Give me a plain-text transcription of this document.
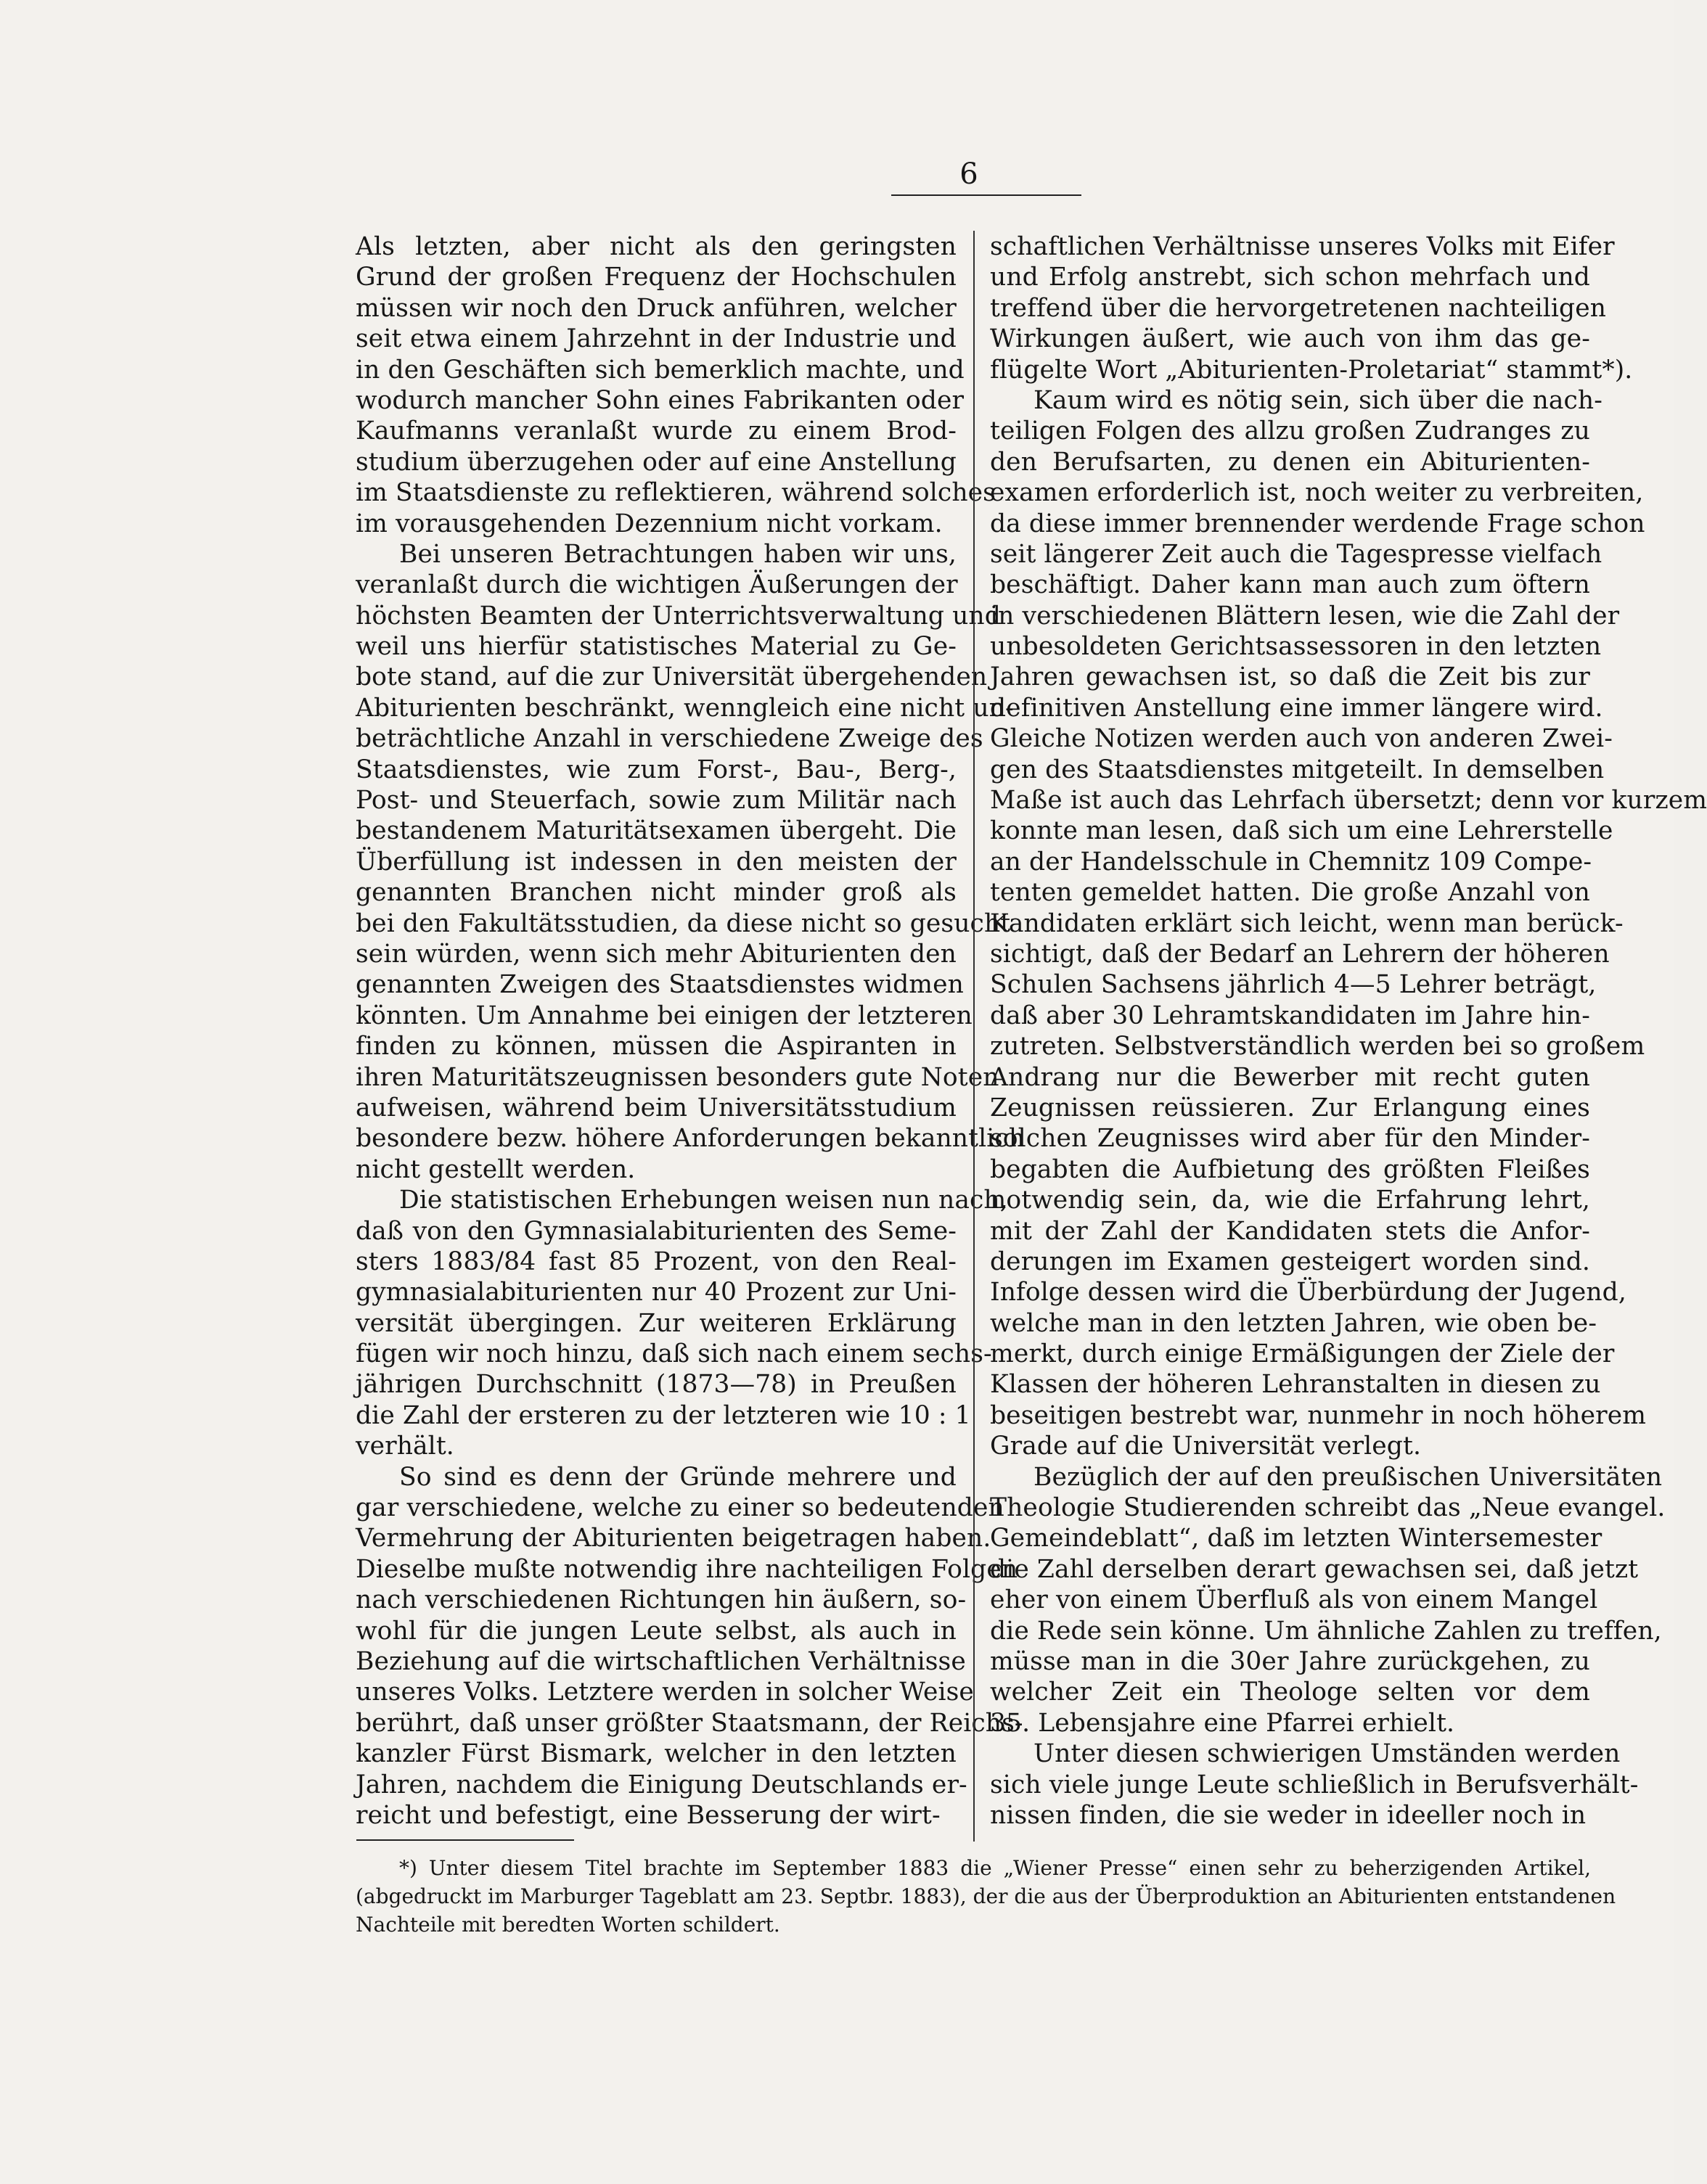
6
Als letzten, aber nicht als den geringsten
Grund der großen Frequenz der Hochschulen
müssen wir noch den Druck anführen, welcher
seit etwa einem Jahrzehnt in der Industrie und
in den Geschäften sich bemerklich machte, und
wodurch mancher Sohn eines Fabrikanten oder
Kaufmanns veranlaßt wurde zu einem Brod-
studium überzugehen oder auf eine Anstellung
im Staatsdienste zu reflektieren, während solches
im vorausgehenden Dezennium nicht vorkam.
Bei unseren Betrachtungen haben wir uns,
veranlaßt durch die wichtigen Äußerungen der
höchsten Beamten der Unterrichtsverwaltung und
weil uns hierfür statistisches Material zu Ge-
bote stand, auf die zur Universität übergehenden
Abiturienten beschränkt, wenngleich eine nicht un-
beträchtliche Anzahl in verschiedene Zweige des
Staatsdienstes, wie zum Forst-, Bau-, Berg-,
Post- und Steuerfach, sowie zum Militär nach
bestandenem Maturitätsexamen übergeht. Die
Überfüllung ist indessen in den meisten der
genannten Branchen nicht minder groß als
bei den Fakultätsstudien, da diese nicht so gesucht
sein würden, wenn sich mehr Abiturienten den
genannten Zweigen des Staatsdienstes widmen
könnten. Um Annahme bei einigen der letzteren
finden zu können, müssen die Aspiranten in
ihren Maturitätszeugnissen besonders gute Noten
aufweisen, während beim Universitätsstudium
besondere bezw. höhere Anforderungen bekanntlich
nicht gestellt werden.
Die statistischen Erhebungen weisen nun nach,
daß von den Gymnasialabiturienten des Seme-
sters 1883/84 fast 85 Prozent, von den Real-
gymnasialabiturienten nur 40 Prozent zur Uni-
versität übergingen. Zur weiteren Erklärung
fügen wir noch hinzu, daß sich nach einem sechs-
jährigen Durchschnitt (1873—78) in Preußen
die Zahl der ersteren zu der letzteren wie 10 : 1
verhält.
So sind es denn der Gründe mehrere und
gar verschiedene, welche zu einer so bedeutenden
Vermehrung der Abiturienten beigetragen haben.
Dieselbe mußte notwendig ihre nachteiligen Folgen
nach verschiedenen Richtungen hin äußern, so-
wohl für die jungen Leute selbst, als auch in
Beziehung auf die wirtschaftlichen Verhältnisse
unseres Volks. Letztere werden in solcher Weise
berührt, daß unser größter Staatsmann, der Reichs-
kanzler Fürst Bismark, welcher in den letzten
Jahren, nachdem die Einigung Deutschlands er-
reicht und befestigt, eine Besserung der wirt-
schaftlichen Verhältnisse unseres Volks mit Eifer
und Erfolg anstrebt, sich schon mehrfach und
treffend über die hervorgetretenen nachteiligen
Wirkungen äußert, wie auch von ihm das ge-
flügelte Wort „Abiturienten-Proletariat“ stammt*).
Kaum wird es nötig sein, sich über die nach-
teiligen Folgen des allzu großen Zudranges zu
den Berufsarten, zu denen ein Abiturienten-
examen erforderlich ist, noch weiter zu verbreiten,
da diese immer brennender werdende Frage schon
seit längerer Zeit auch die Tagespresse vielfach
beschäftigt. Daher kann man auch zum öftern
in verschiedenen Blättern lesen, wie die Zahl der
unbesoldeten Gerichtsassessoren in den letzten
Jahren gewachsen ist, so daß die Zeit bis zur
definitiven Anstellung eine immer längere wird.
Gleiche Notizen werden auch von anderen Zwei-
gen des Staatsdienstes mitgeteilt. In demselben
Maße ist auch das Lehrfach übersetzt; denn vor kurzem
konnte man lesen, daß sich um eine Lehrerstelle
an der Handelsschule in Chemnitz 109 Compe-
tenten gemeldet hatten. Die große Anzahl von
Kandidaten erklärt sich leicht, wenn man berück-
sichtigt, daß der Bedarf an Lehrern der höheren
Schulen Sachsens jährlich 4—5 Lehrer beträgt,
daß aber 30 Lehramtskandidaten im Jahre hin-
zutreten. Selbstverständlich werden bei so großem
Andrang nur die Bewerber mit recht guten
Zeugnissen reüssieren. Zur Erlangung eines
solchen Zeugnisses wird aber für den Minder-
begabten die Aufbietung des größten Fleißes
notwendig sein, da, wie die Erfahrung lehrt,
mit der Zahl der Kandidaten stets die Anfor-
derungen im Examen gesteigert worden sind.
Infolge dessen wird die Überbürdung der Jugend,
welche man in den letzten Jahren, wie oben be-
merkt, durch einige Ermäßigungen der Ziele der
Klassen der höheren Lehranstalten in diesen zu
beseitigen bestrebt war, nunmehr in noch höherem
Grade auf die Universität verlegt.
Bezüglich der auf den preußischen Universitäten
Theologie Studierenden schreibt das „Neue evangel.
Gemeindeblatt“, daß im letzten Wintersemester
die Zahl derselben derart gewachsen sei, daß jetzt
eher von einem Überfluß als von einem Mangel
die Rede sein könne. Um ähnliche Zahlen zu treffen,
müsse man in die 30er Jahre zurückgehen, zu
welcher Zeit ein Theologe selten vor dem
35. Lebensjahre eine Pfarrei erhielt.
Unter diesen schwierigen Umständen werden
sich viele junge Leute schließlich in Berufsverhält-
nissen finden, die sie weder in ideeller noch in
*) Unter diesem Titel brachte im September 1883 die „Wiener Presse“ einen sehr zu beherzigenden Artikel,
(abgedruckt im Marburger Tageblatt am 23. Septbr. 1883), der die aus der Überproduktion an Abiturienten entstandenen
Nachteile mit beredten Worten schildert.
